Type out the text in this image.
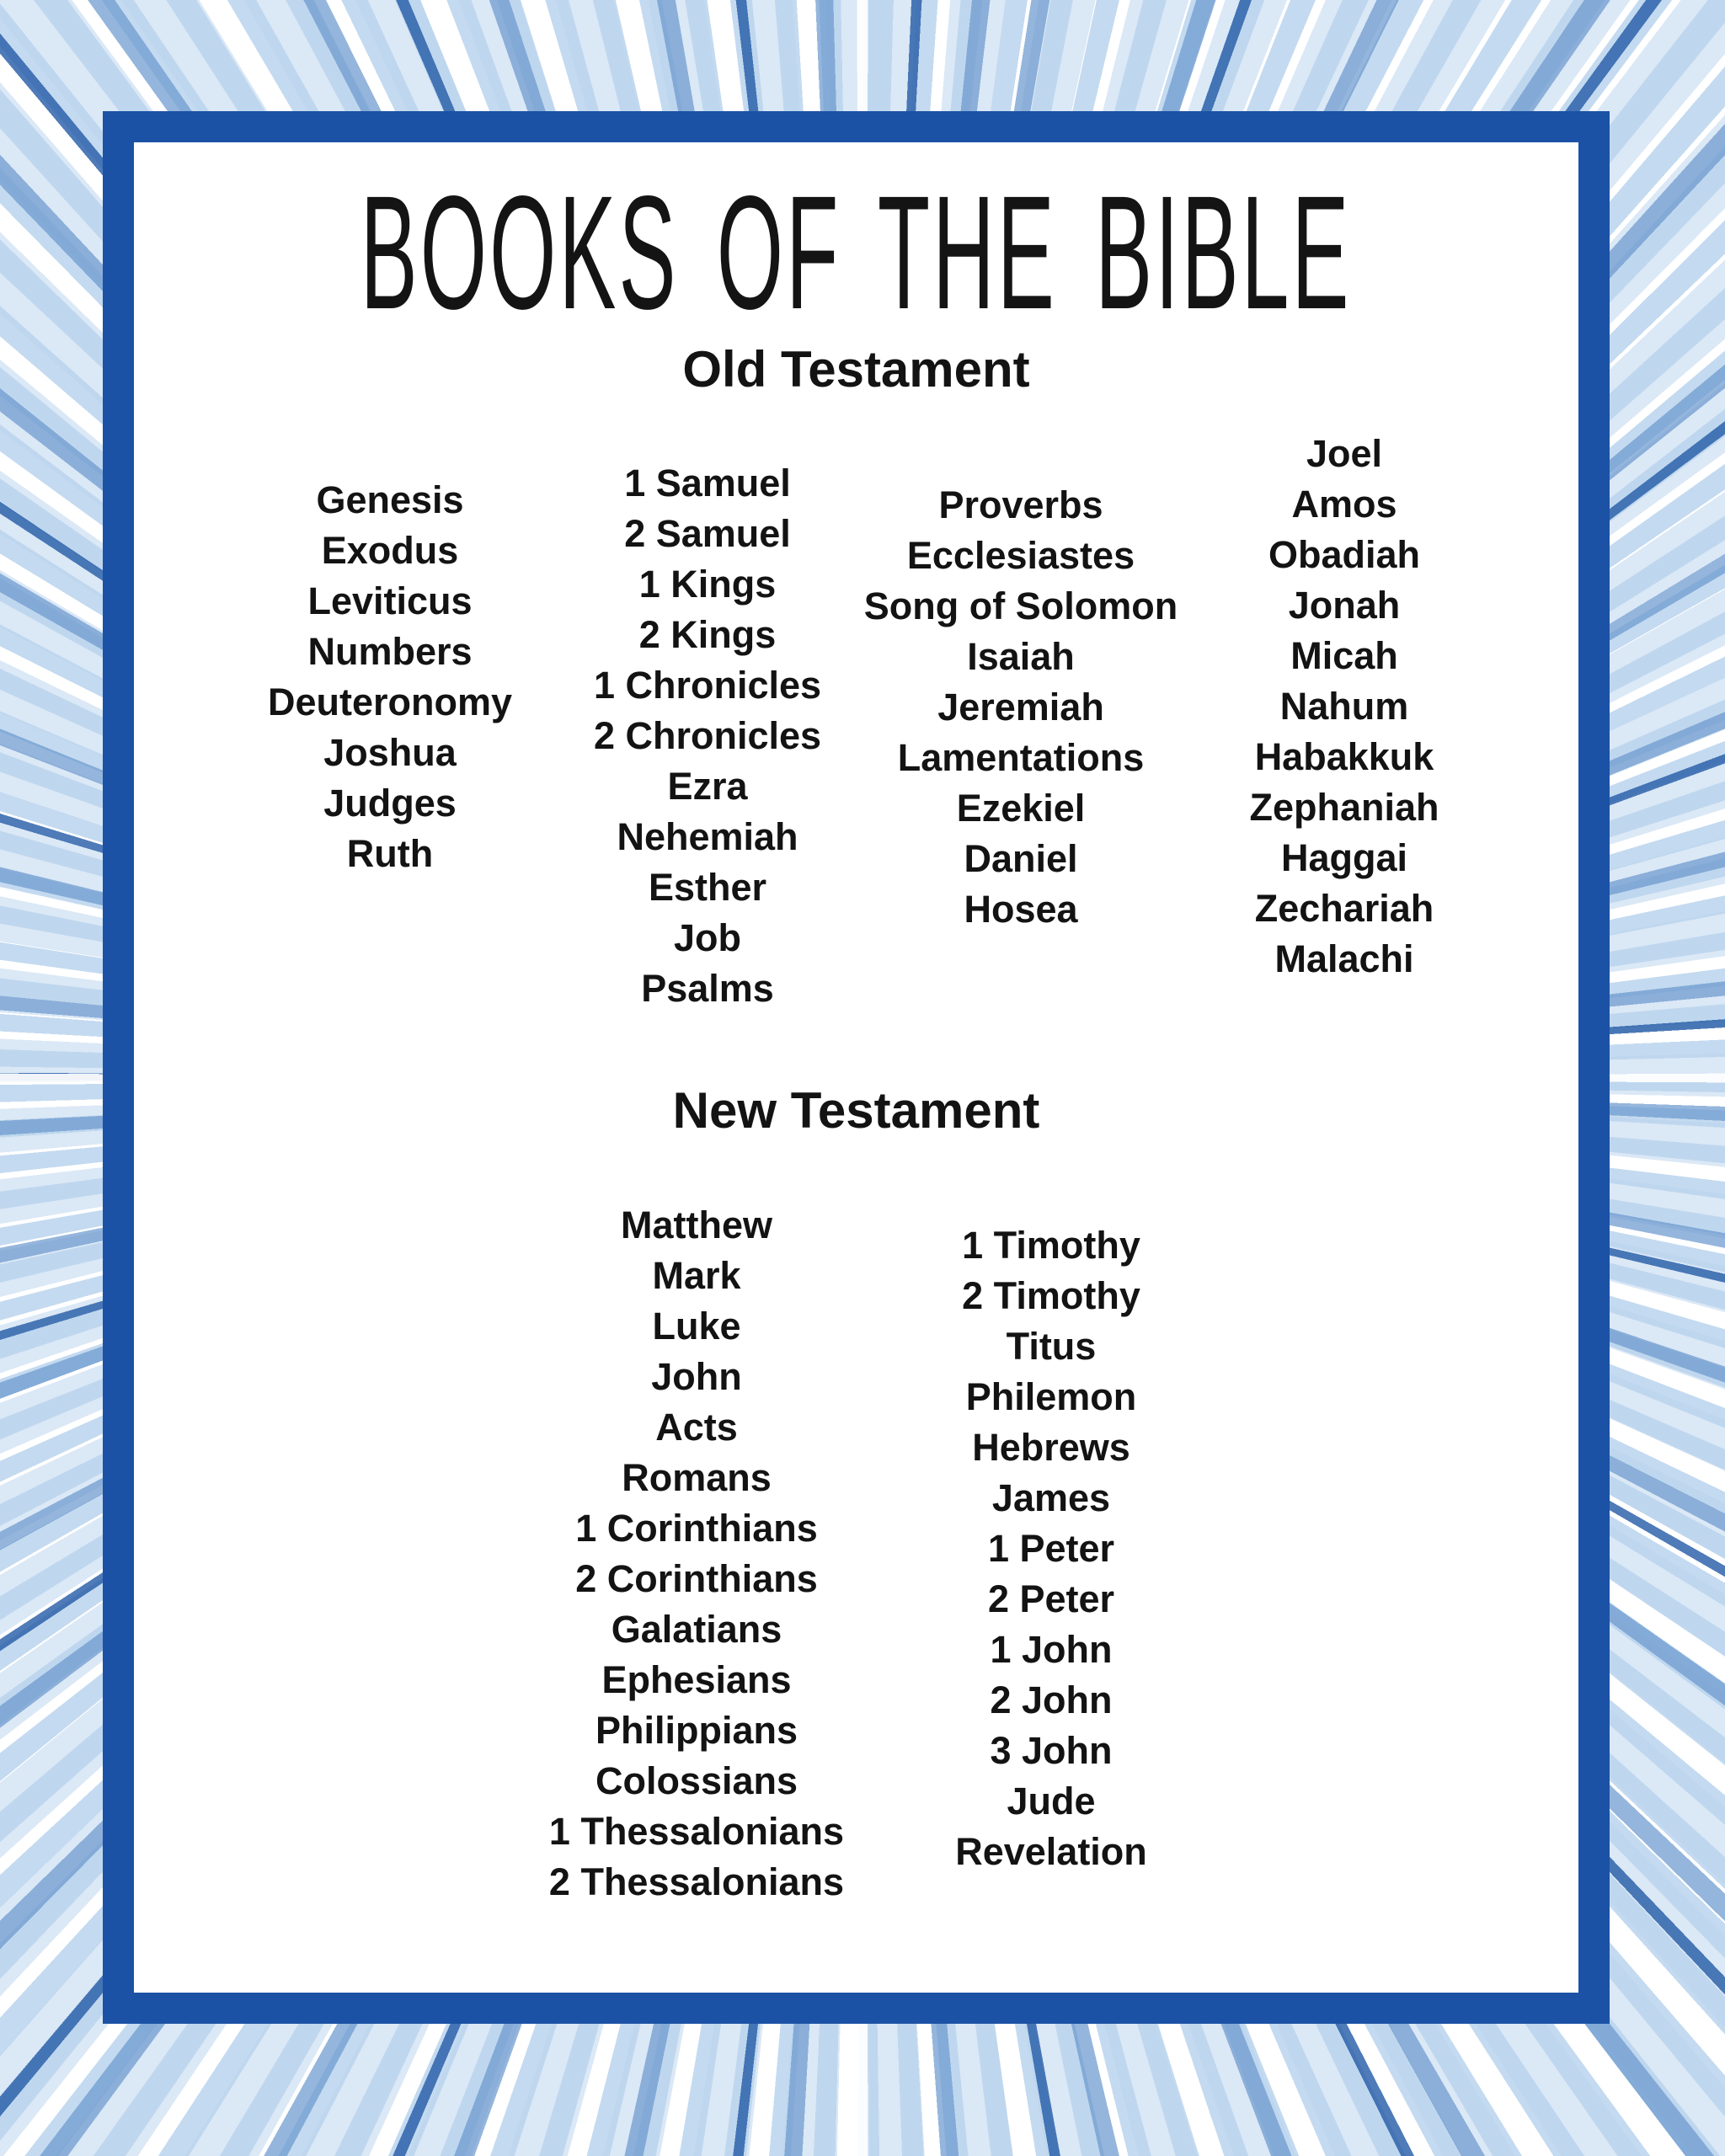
BOOKS OF THE BIBLE
Old Testament
Genesis
Exodus
Leviticus
Numbers
Deuteronomy
Joshua
Judges
Ruth
1 Samuel
2 Samuel
1 Kings
2 Kings
1 Chronicles
2 Chronicles
Ezra
Nehemiah
Esther
Job
Psalms
Proverbs
Ecclesiastes
Song of Solomon
Isaiah
Jeremiah
Lamentations
Ezekiel
Daniel
Hosea
Joel
Amos
Obadiah
Jonah
Micah
Nahum
Habakkuk
Zephaniah
Haggai
Zechariah
Malachi
New Testament
Matthew
Mark
Luke
John
Acts
Romans
1 Corinthians
2 Corinthians
Galatians
Ephesians
Philippians
Colossians
1 Thessalonians
2 Thessalonians
1 Timothy
2 Timothy
Titus
Philemon
Hebrews
James
1 Peter
2 Peter
1 John
2 John
3 John
Jude
Revelation
